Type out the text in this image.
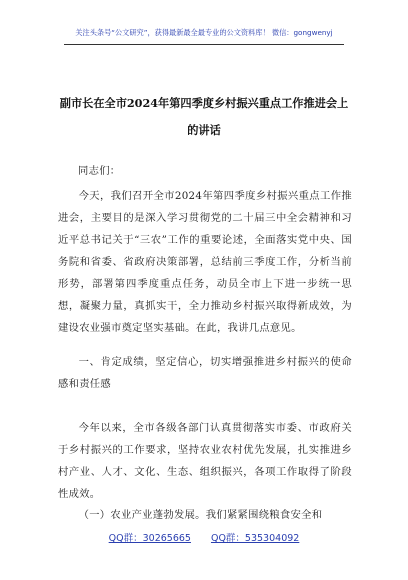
关注头条号“公文研究”，获得最新最全最专业的公文资料库！ 微信：gongwenyj
副市长在全市2024年第四季度乡村振兴重点工作推进会上
的讲话
同志们：
今天，我们召开全市2024年第四季度乡村振兴重点工作推进会，主要目的是深入学习贯彻党的二十届三中全会精神和习近平总书记关于“三农”工作的重要论述，全面落实党中央、国务院和省委、省政府决策部署，总结前三季度工作，分析当前形势，部署第四季度重点任务，动员全市上下进一步统一思想，凝聚力量，真抓实干，全力推动乡村振兴取得新成效，为建设农业强市奠定坚实基础。在此，我讲几点意见。
一、肯定成绩，坚定信心，切实增强推进乡村振兴的使命感和责任感
今年以来，全市各级各部门认真贯彻落实市委、市政府关于乡村振兴的工作要求，坚持农业农村优先发展，扎实推进乡村产业、人才、文化、生态、组织振兴，各项工作取得了阶段性成效。
（一）农业产业蓬勃发展。我们紧紧围绕粮食安全和
QQ群：30265665 QQ群：535304092
